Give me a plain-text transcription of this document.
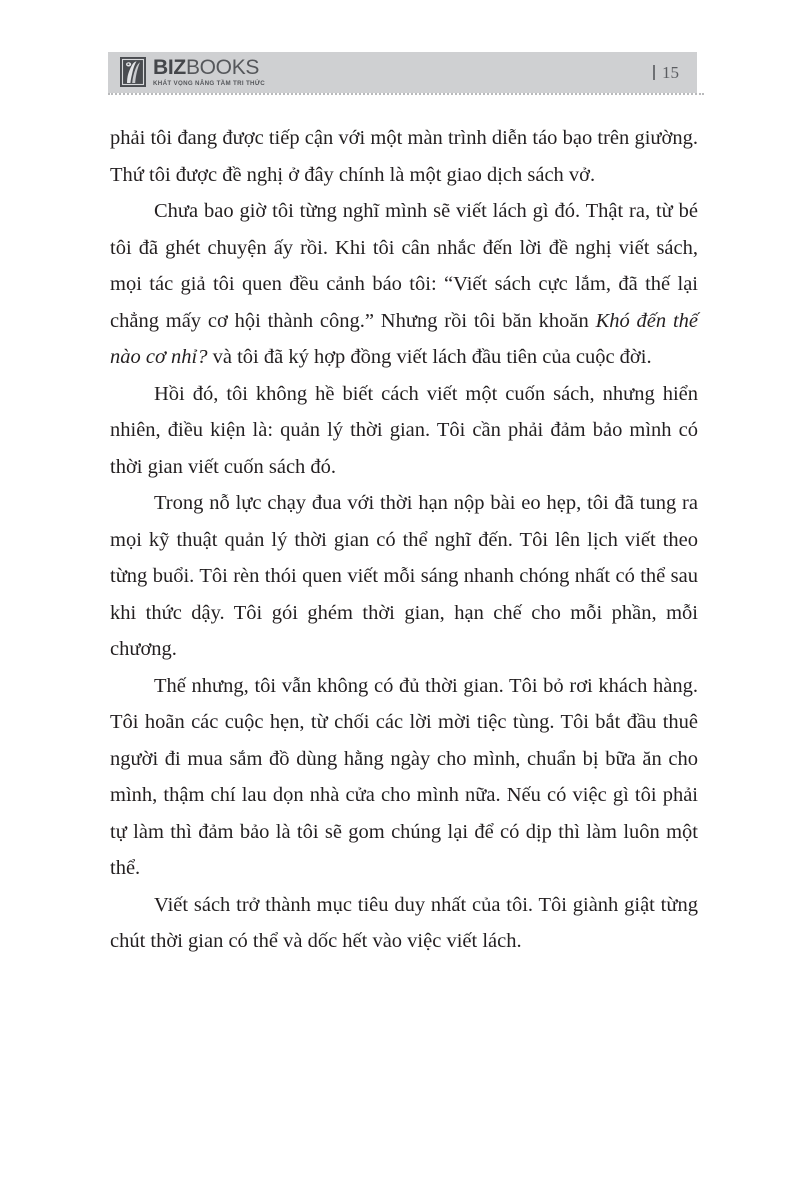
BIZBOOKS
KHÁT VỌNG NÂNG TẦM TRI THỨC
15

phải tôi đang được tiếp cận với một màn trình diễn táo bạo trên giường. Thứ tôi được đề nghị ở đây chính là một giao dịch sách vở.

Chưa bao giờ tôi từng nghĩ mình sẽ viết lách gì đó. Thật ra, từ bé tôi đã ghét chuyện ấy rồi. Khi tôi cân nhắc đến lời đề nghị viết sách, mọi tác giả tôi quen đều cảnh báo tôi: “Viết sách cực lắm, đã thế lại chẳng mấy cơ hội thành công.” Nhưng rồi tôi băn khoăn Khó đến thế nào cơ nhỉ? và tôi đã ký hợp đồng viết lách đầu tiên của cuộc đời.

Hồi đó, tôi không hề biết cách viết một cuốn sách, nhưng hiển nhiên, điều kiện là: quản lý thời gian. Tôi cần phải đảm bảo mình có thời gian viết cuốn sách đó.

Trong nỗ lực chạy đua với thời hạn nộp bài eo hẹp, tôi đã tung ra mọi kỹ thuật quản lý thời gian có thể nghĩ đến. Tôi lên lịch viết theo từng buổi. Tôi rèn thói quen viết mỗi sáng nhanh chóng nhất có thể sau khi thức dậy. Tôi gói ghém thời gian, hạn chế cho mỗi phần, mỗi chương.

Thế nhưng, tôi vẫn không có đủ thời gian. Tôi bỏ rơi khách hàng. Tôi hoãn các cuộc hẹn, từ chối các lời mời tiệc tùng. Tôi bắt đầu thuê người đi mua sắm đồ dùng hằng ngày cho mình, chuẩn bị bữa ăn cho mình, thậm chí lau dọn nhà cửa cho mình nữa. Nếu có việc gì tôi phải tự làm thì đảm bảo là tôi sẽ gom chúng lại để có dịp thì làm luôn một thể.

Viết sách trở thành mục tiêu duy nhất của tôi. Tôi giành giật từng chút thời gian có thể và dốc hết vào việc viết lách.
